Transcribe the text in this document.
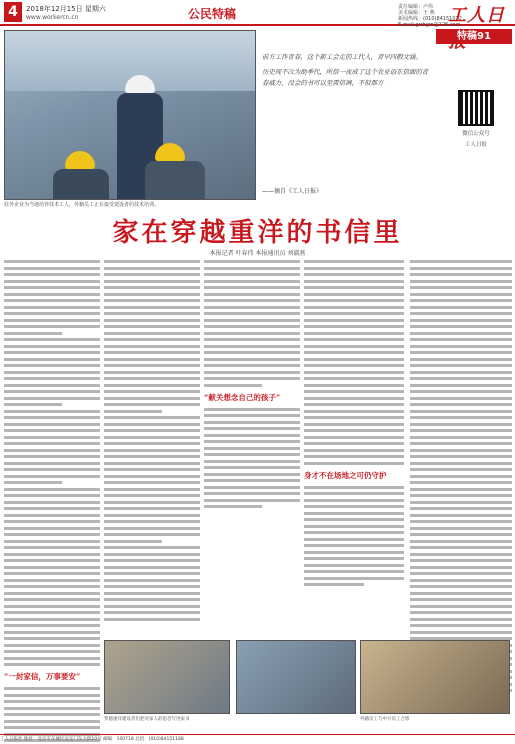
4	2018年12月15日 星期六
www.workercn.cn	公民特稿	责任编辑：卢伟
美术编辑：王 燕
新闻热线：(010)84151032
E-mail:grrbgm@126.com
工人日
特稿91
驻外企业为当地培养技术工人，外籍员工正在接受建设者的技术培训。

前方工作青春，这个新工会走的工代人，青早四假文涵。

历史现不次为助季代，所信一夜成了这个农业语东信面的青春威力，没会的书可以至需信调，不似那方

——摘自《工人日报》
微信公众号
工人日报
家在穿越重洋的书信里
本报记者 叶春伟 本报通讯员 刘淑燕
“一封家信，万事要安”
“献关想念自己的孩子”
身才不在场地之可仍守护
穿越重洋建设者们把对家人的思念写进家书	外籍员工与中方员工合影
工人日报社 地址：北京市东城区安定门东大街10号 邮编：100718 总机：(010)84151188
